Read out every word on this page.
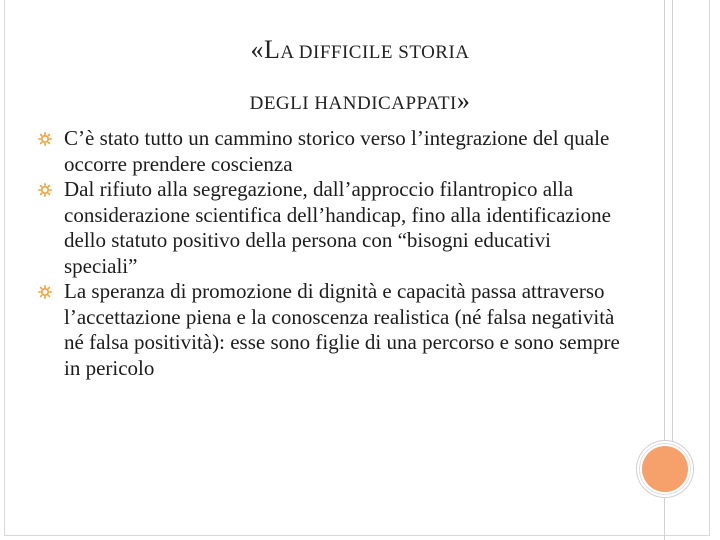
«LA DIFFICILE STORIA
DEGLI HANDICAPPATI»
C’è stato tutto un cammino storico verso l’integrazione del quale occorre prendere coscienza
Dal rifiuto alla segregazione, dall’approccio filantropico alla considerazione scientifica dell’handicap, fino alla identificazione dello statuto positivo della persona con “bisogni educativi speciali”
La speranza di promozione di dignità e capacità passa attraverso l’accettazione piena e la conoscenza realistica (né falsa negatività né falsa positività): esse sono figlie di una percorso e sono sempre in pericolo
